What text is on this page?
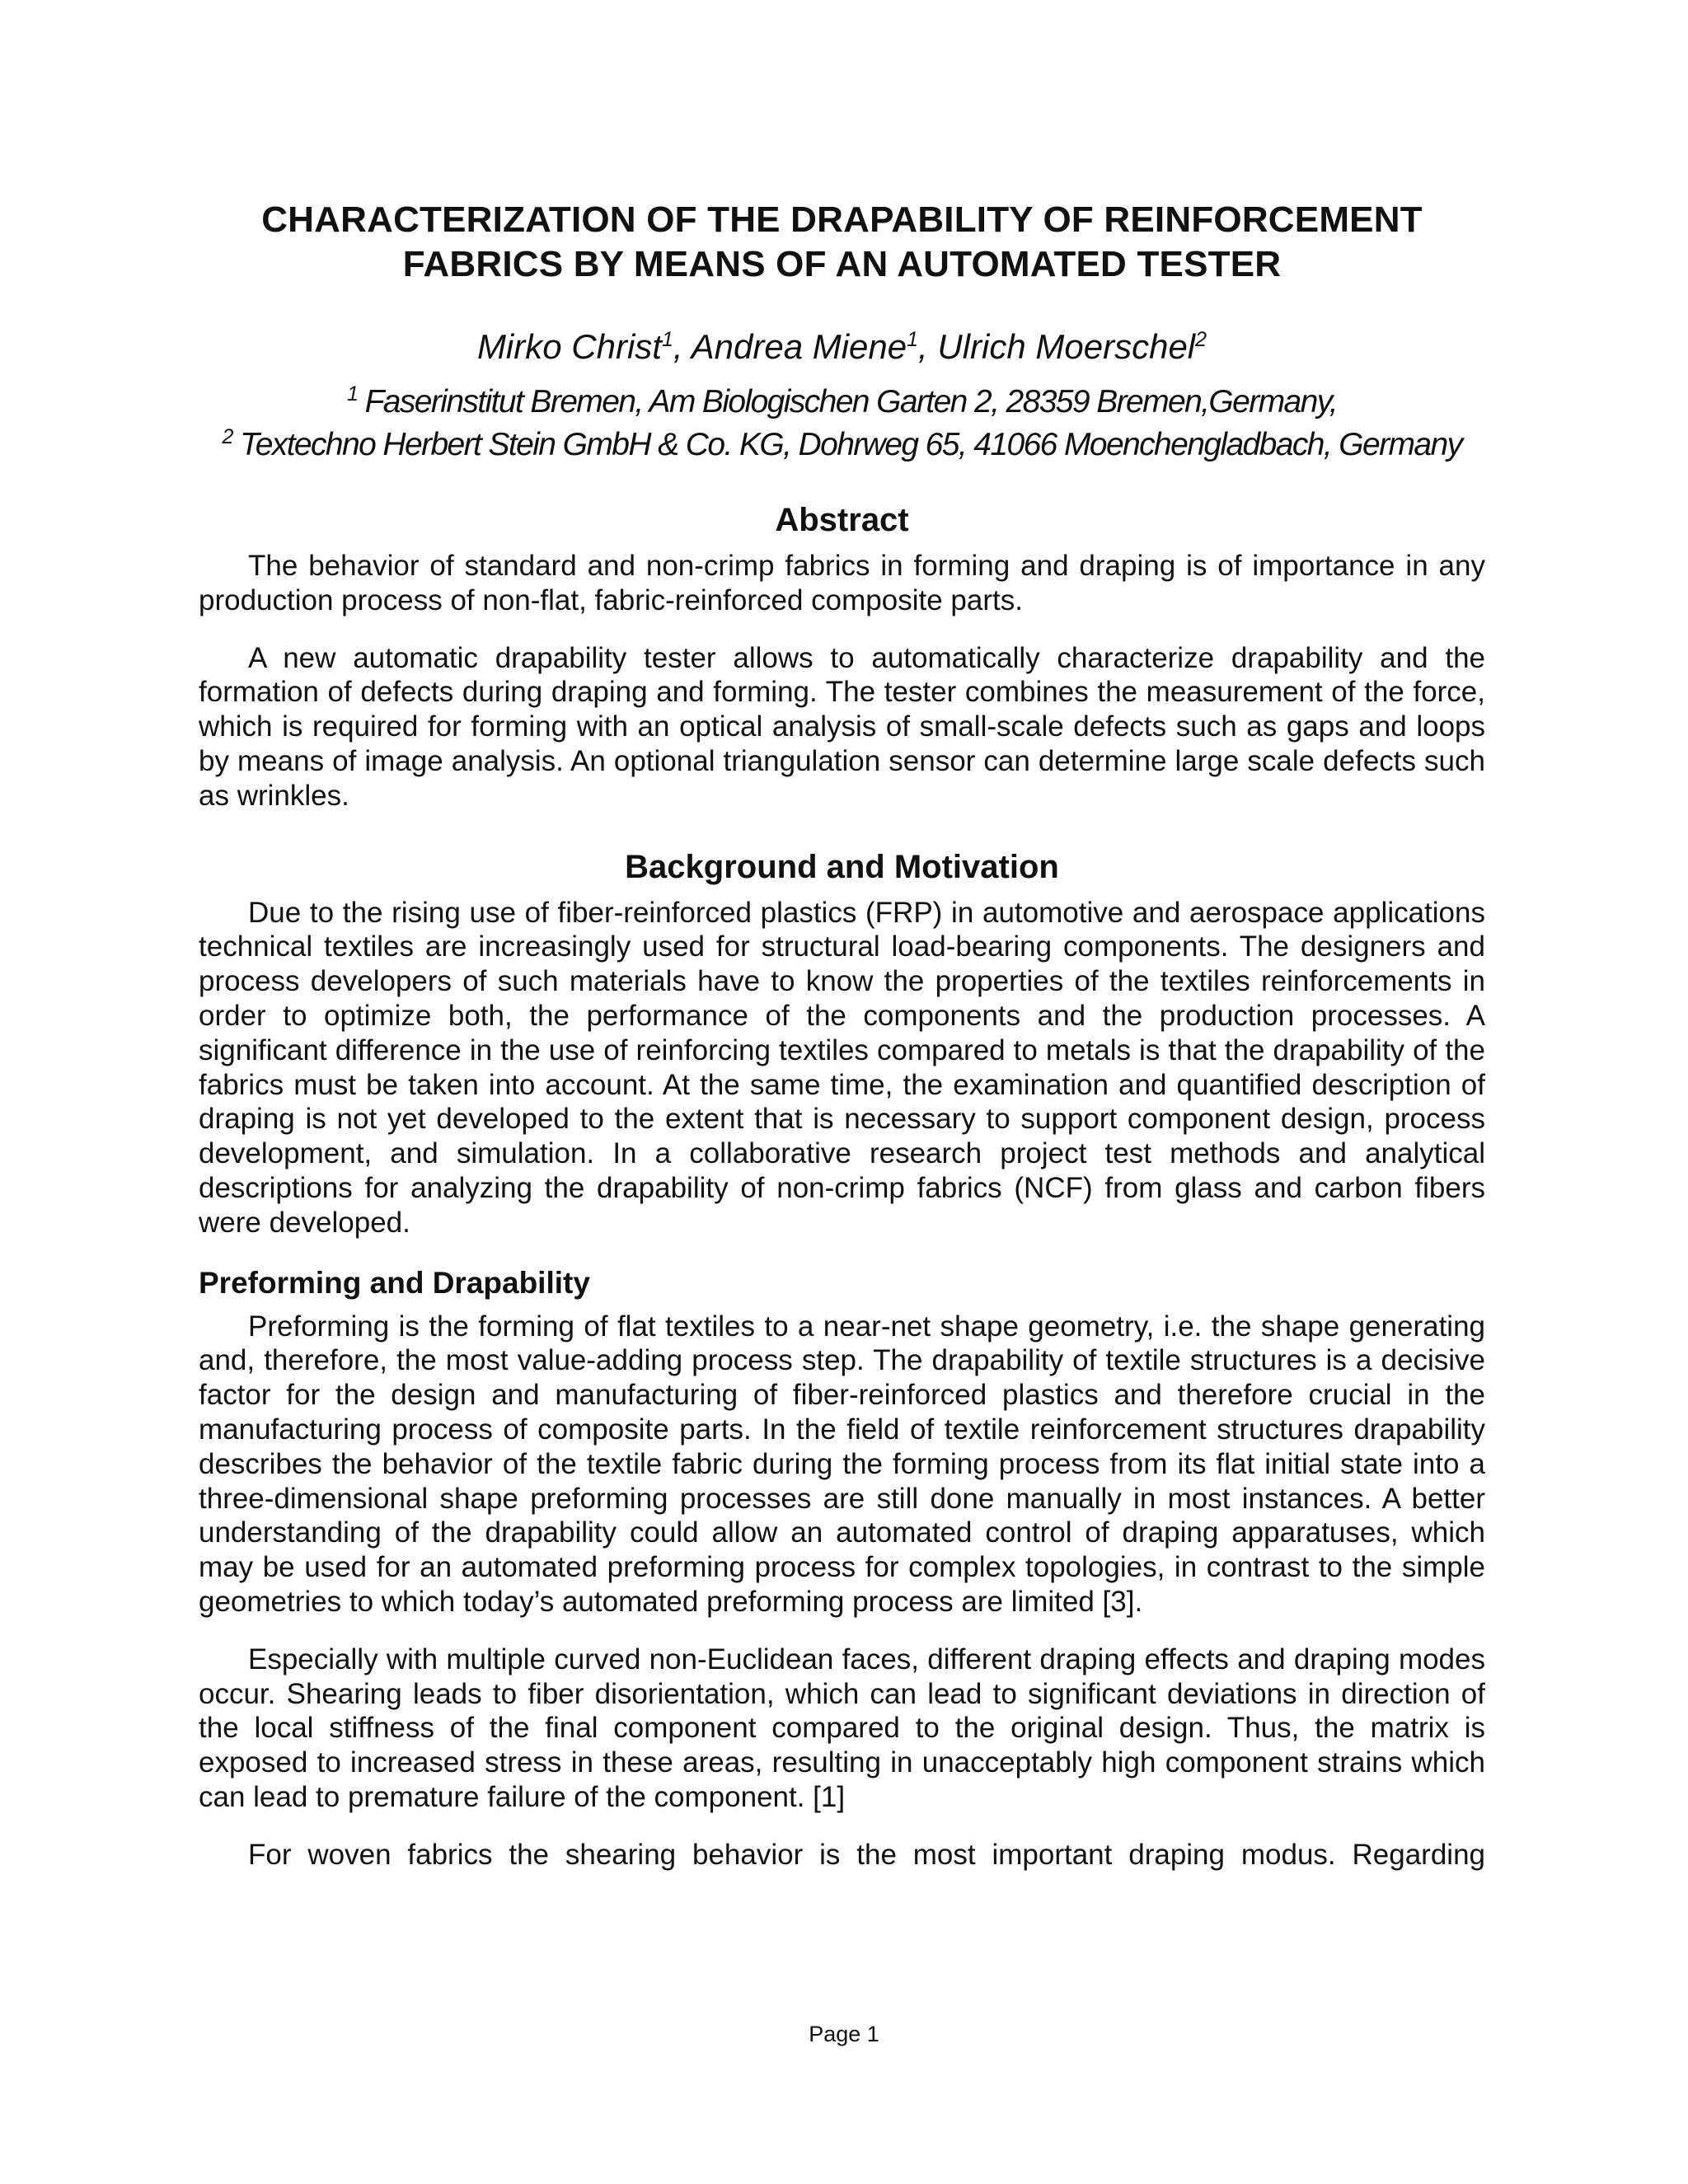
CHARACTERIZATION OF THE DRAPABILITY OF REINFORCEMENT
FABRICS BY MEANS OF AN AUTOMATED TESTER
Mirko Christ$^1$, Andrea Miene$^1$, Ulrich Moerschel$^2$

$^1$ Faserinstitut Bremen, Am Biologischen Garten 2, 28359 Bremen,Germany,

$^2$ Textechno Herbert Stein GmbH & Co. KG, Dohrweg 65, 41066 Moenchengladbach, Germany

Abstract

The behavior of standard and non-crimp fabrics in forming and draping is of importance in any production process of non-flat, fabric-reinforced composite parts.

A new automatic drapability tester allows to automatically characterize drapability and the formation of defects during draping and forming. The tester combines the measurement of the force, which is required for forming with an optical analysis of small-scale defects such as gaps and loops by means of image analysis. An optional triangulation sensor can determine large scale defects such as wrinkles.

Background and Motivation

Due to the rising use of fiber-reinforced plastics (FRP) in automotive and aerospace applications technical textiles are increasingly used for structural load-bearing components. The designers and process developers of such materials have to know the properties of the textiles reinforcements in order to optimize both, the performance of the components and the production processes. A significant difference in the use of reinforcing textiles compared to metals is that the drapability of the fabrics must be taken into account. At the same time, the examination and quantified description of draping is not yet developed to the extent that is necessary to support component design, process development, and simulation. In a collaborative research project test methods and analytical descriptions for analyzing the drapability of non-crimp fabrics (NCF) from glass and carbon fibers were developed.

Preforming and Drapability

Preforming is the forming of flat textiles to a near-net shape geometry, i.e. the shape generating and, therefore, the most value-adding process step. The drapability of textile structures is a decisive factor for the design and manufacturing of fiber-reinforced plastics and therefore crucial in the manufacturing process of composite parts. In the field of textile reinforcement structures drapability describes the behavior of the textile fabric during the forming process from its flat initial state into a three-dimensional shape preforming processes are still done manually in most instances. A better understanding of the drapability could allow an automated control of draping apparatuses, which may be used for an automated preforming process for complex topologies, in contrast to the simple geometries to which today’s automated preforming process are limited [3].

Especially with multiple curved non-Euclidean faces, different draping effects and draping modes occur. Shearing leads to fiber disorientation, which can lead to significant deviations in direction of the local stiffness of the final component compared to the original design. Thus, the matrix is exposed to increased stress in these areas, resulting in unacceptably high component strains which can lead to premature failure of the component. [1]

For woven fabrics the shearing behavior is the most important draping modus. Regarding

Page 1
